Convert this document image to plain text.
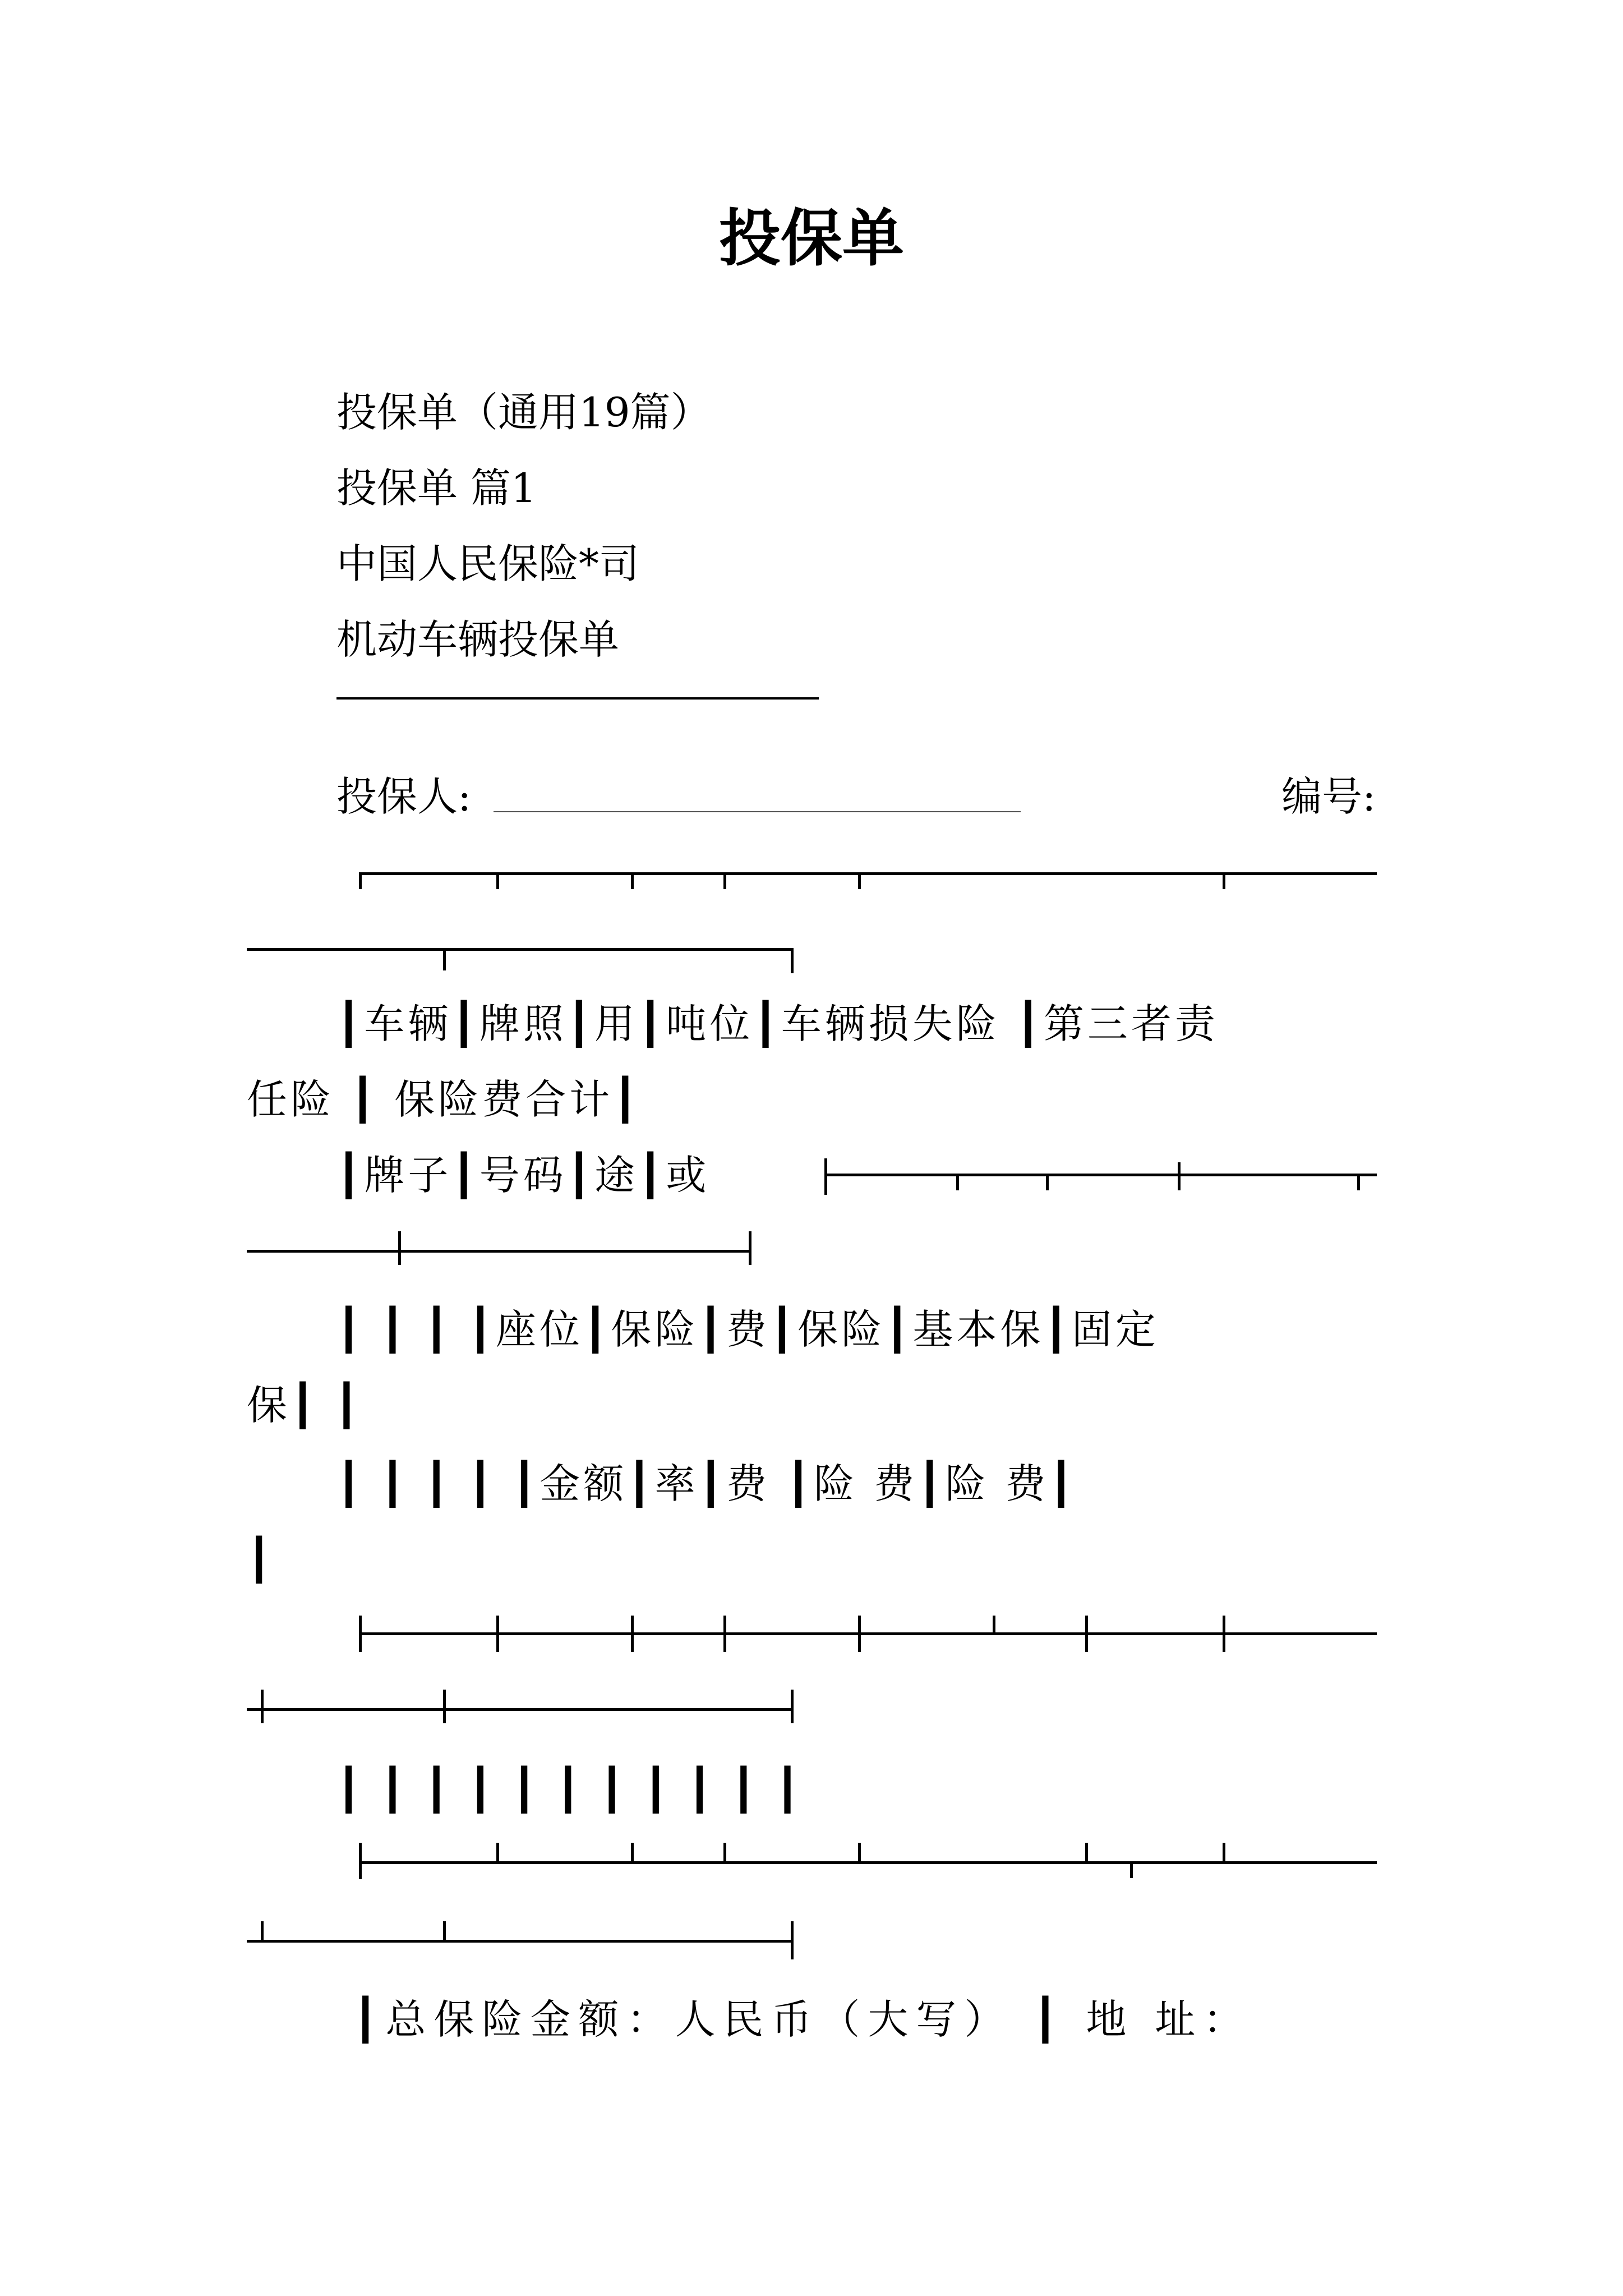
投保单
投保单（通用19篇）
投保单 篇1
中国人民保险*司
机动车辆投保单
投保人:	编号:
┃车辆┃牌照┃用┃吨位┃车辆损失险 ┃第三者责
任险 ┃ 保险费合计┃
┃牌子┃号码┃途┃或
┃ ┃ ┃ ┃座位┃保险┃费┃保险┃基本保┃固定
保┃ ┃
┃ ┃ ┃ ┃ ┃金额┃率┃费 ┃险 费┃险 费┃
┃
┃ ┃ ┃ ┃ ┃ ┃ ┃ ┃ ┃ ┃ ┃
┃总保险金额：人民币（大写） ┃ 地 址：
